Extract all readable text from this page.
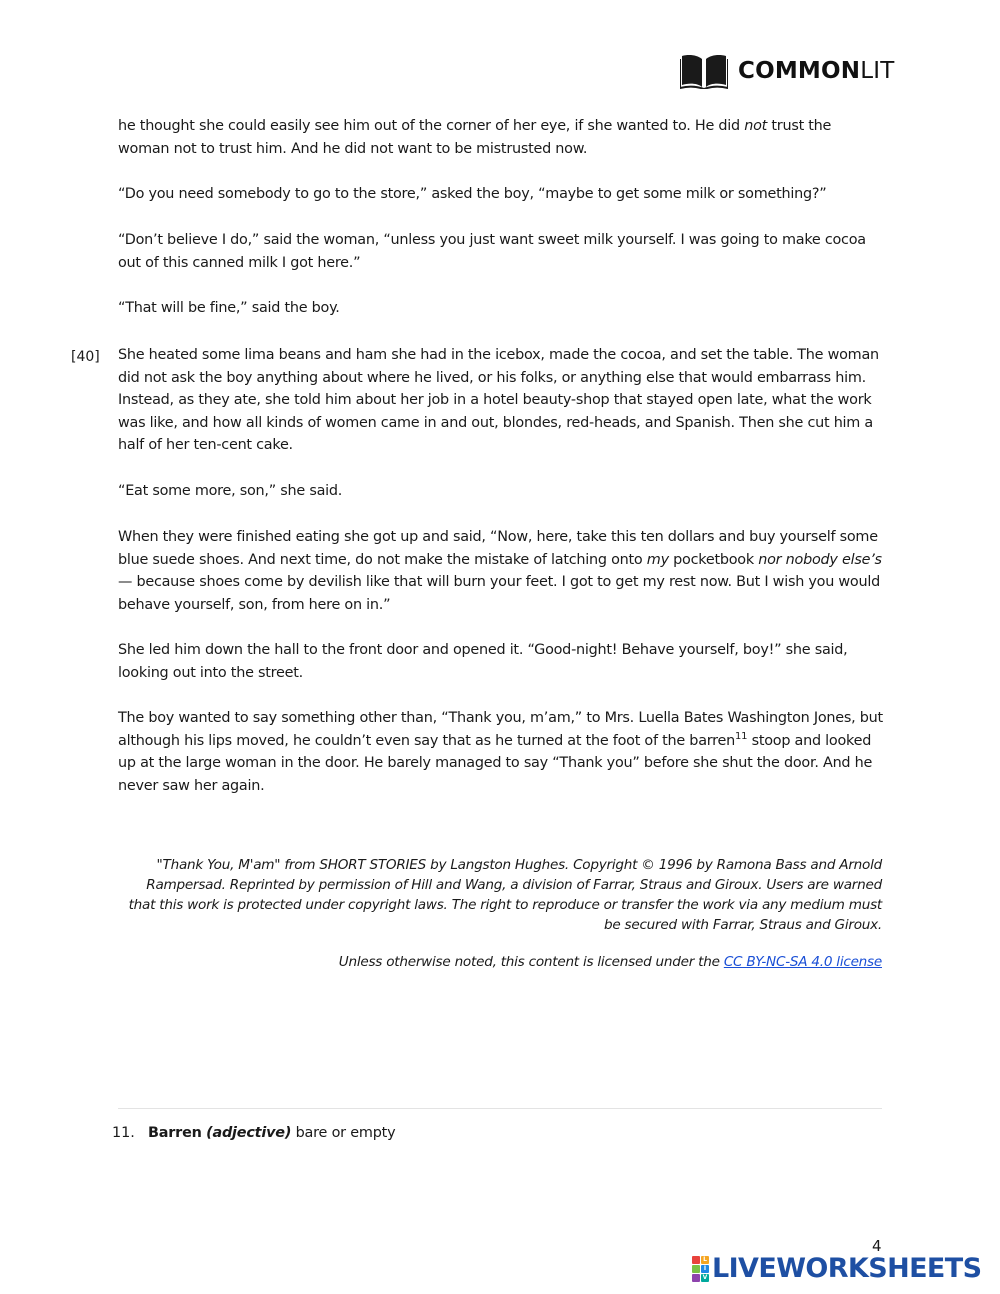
COMMONLIT

he thought she could easily see him out of the corner of her eye, if she wanted to. He did not trust the woman not to trust him. And he did not want to be mistrusted now.

“Do you need somebody to go to the store,” asked the boy, “maybe to get some milk or something?”

“Don’t believe I do,” said the woman, “unless you just want sweet milk yourself. I was going to make cocoa out of this canned milk I got here.”

“That will be fine,” said the boy.

[40] She heated some lima beans and ham she had in the icebox, made the cocoa, and set the table. The woman did not ask the boy anything about where he lived, or his folks, or anything else that would embarrass him. Instead, as they ate, she told him about her job in a hotel beauty-shop that stayed open late, what the work was like, and how all kinds of women came in and out, blondes, red-heads, and Spanish. Then she cut him a half of her ten-cent cake.

“Eat some more, son,” she said.

When they were finished eating she got up and said, “Now, here, take this ten dollars and buy yourself some blue suede shoes. And next time, do not make the mistake of latching onto my pocketbook nor nobody else’s — because shoes come by devilish like that will burn your feet. I got to get my rest now. But I wish you would behave yourself, son, from here on in.”

She led him down the hall to the front door and opened it. “Good-night! Behave yourself, boy!” she said, looking out into the street.

The boy wanted to say something other than, “Thank you, m’am,” to Mrs. Luella Bates Washington Jones, but although his lips moved, he couldn’t even say that as he turned at the foot of the barren$^{11}$ stoop and looked up at the large woman in the door. He barely managed to say “Thank you” before she shut the door. And he never saw her again.

"Thank You, M'am" from SHORT STORIES by Langston Hughes. Copyright © 1996 by Ramona Bass and Arnold Rampersad. Reprinted by permission of Hill and Wang, a division of Farrar, Straus and Giroux. Users are warned that this work is protected under copyright laws. The right to reproduce or transfer the work via any medium must be secured with Farrar, Straus and Giroux.

Unless otherwise noted, this content is licensed under the CC BY-NC-SA 4.0 license

11. Barren (adjective) bare or empty
4
L
I
V LIVEWORKSHEETS
